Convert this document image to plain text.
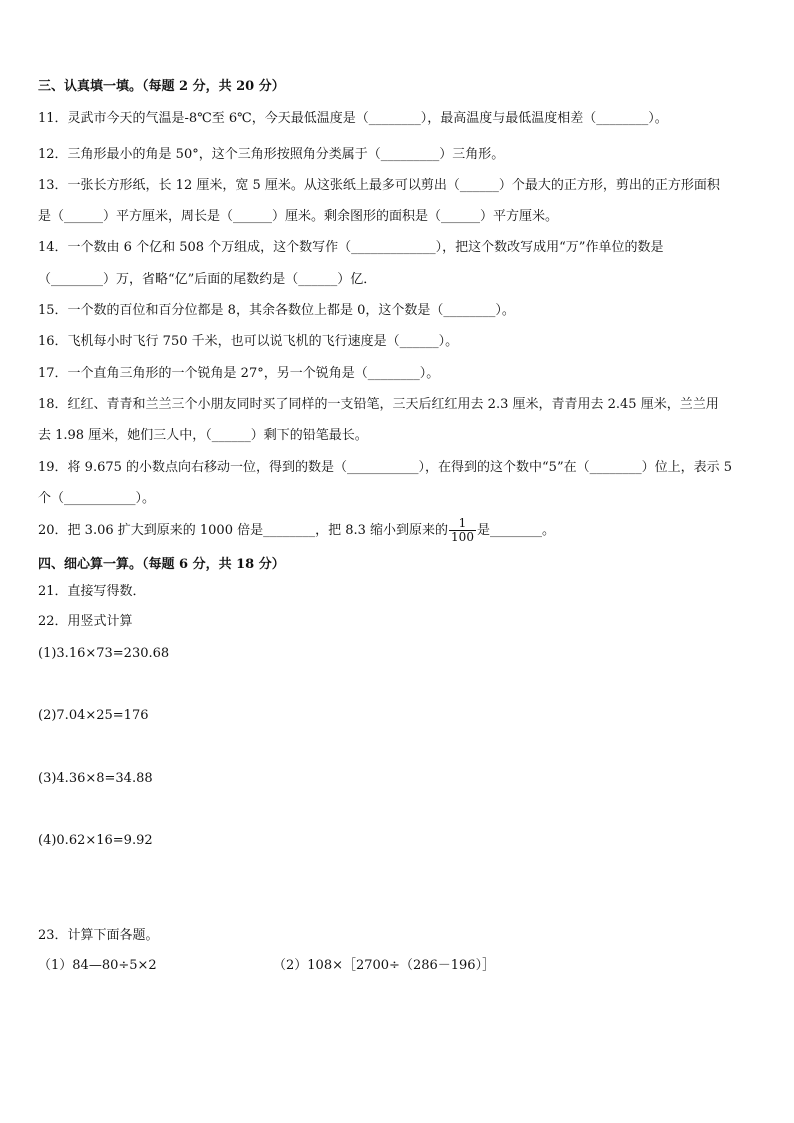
三、认真填一填。（每题 2 分，共 20 分）
11．灵武市今天的气温是-8℃至 6℃，今天最低温度是（________），最高温度与最低温度相差（________）。
12．三角形最小的角是 50°，这个三角形按照角分类属于（_________）三角形。
13．一张长方形纸，长 12 厘米，宽 5 厘米。从这张纸上最多可以剪出（______）个最大的正方形，剪出的正方形面积
是（______）平方厘米，周长是（______）厘米。剩余图形的面积是（______）平方厘米。
14．一个数由 6 个亿和 508 个万组成，这个数写作（_____________），把这个数改写成用“万”作单位的数是
（________）万，省略“亿”后面的尾数约是（______）亿．
15．一个数的百位和百分位都是 8，其余各数位上都是 0，这个数是（________）。
16．飞机每小时飞行 750 千米，也可以说飞机的飞行速度是（______）。
17．一个直角三角形的一个锐角是 27°，另一个锐角是（________）。
18．红红、青青和兰兰三个小朋友同时买了同样的一支铅笔，三天后红红用去 2.3 厘米，青青用去 2.45 厘米，兰兰用
去 1.98 厘米，她们三人中，（______）剩下的铅笔最长。
19．将 9.675 的小数点向右移动一位，得到的数是（___________），在得到的这个数中“5”在（________）位上，表示 5
个（___________）。
20．把 3.06 扩大到原来的 1000 倍是________，把 8.3 缩小到原来的 $\frac{1}{100}$ 是________。
四、细心算一算。（每题 6 分，共 18 分）
21．直接写得数．
22．用竖式计算
(1)3.16×73=230.68
(2)7.04×25=176
(3)4.36×8=34.88
(4)0.62×16=9.92
23．计算下面各题。
（1）84—80÷5×2	（2）108×［2700÷（286－196）］
